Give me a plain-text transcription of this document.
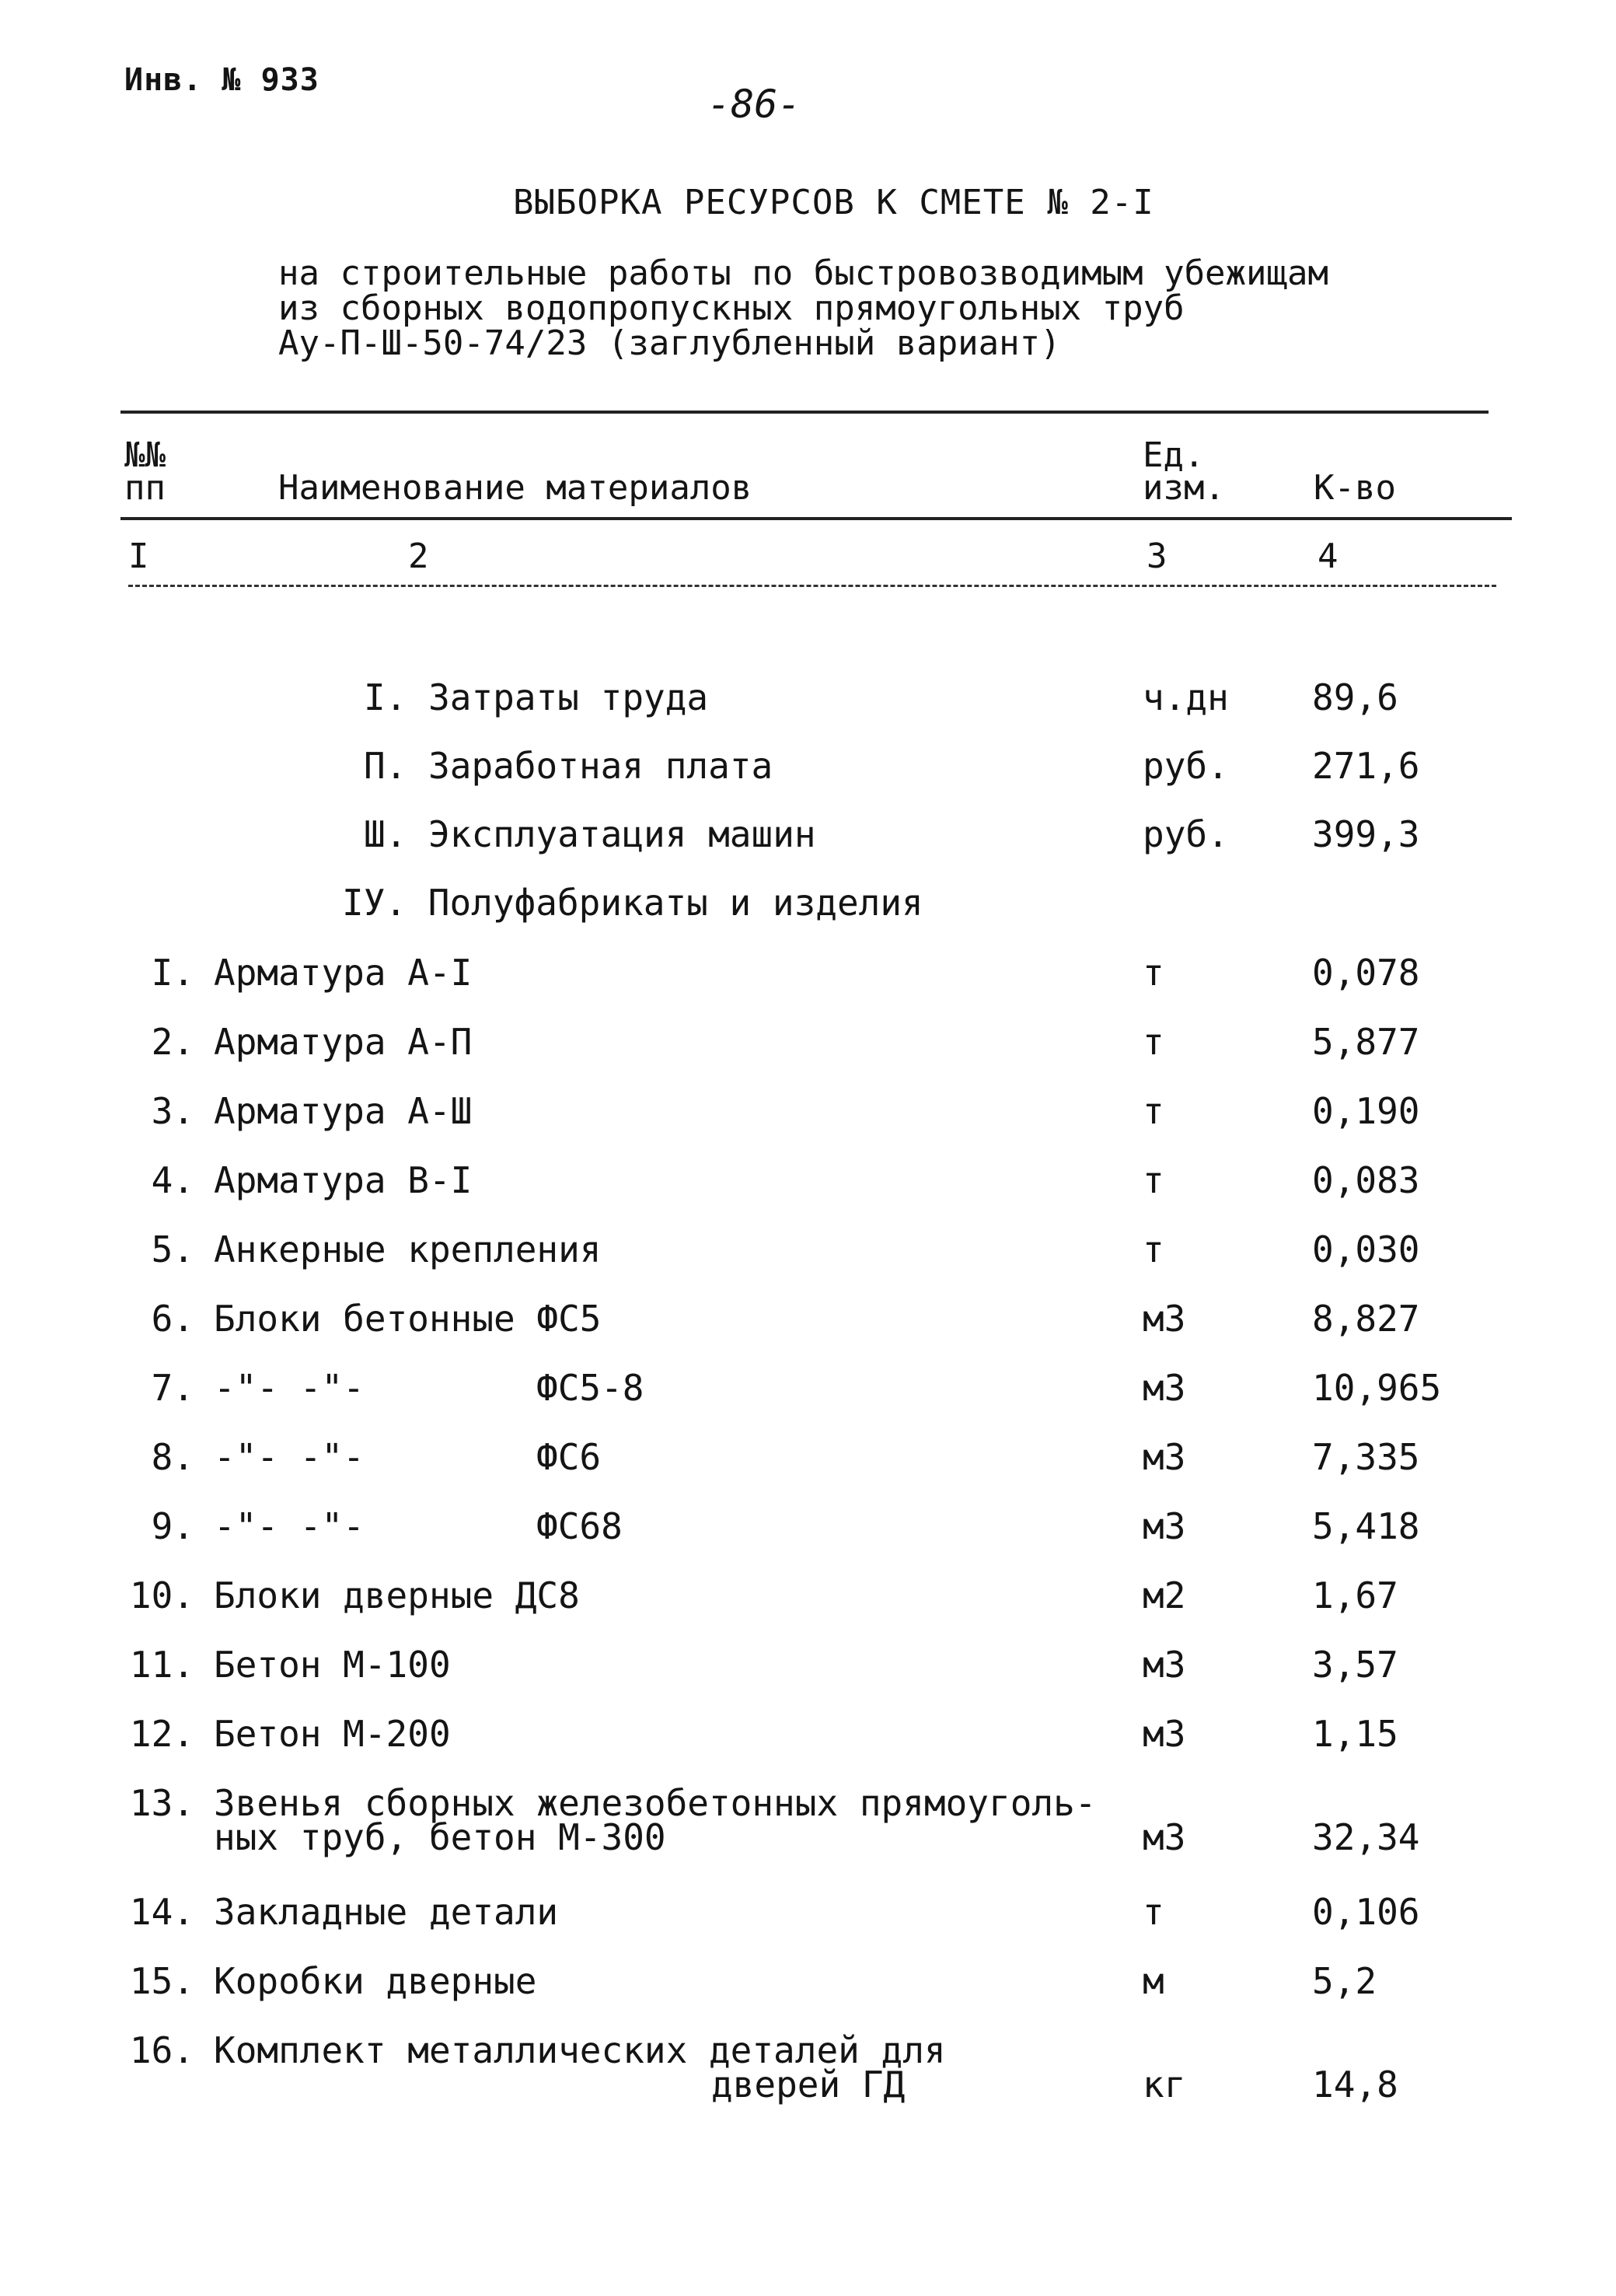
Инв. № 933
-86-
ВЫБОРКА РЕСУРСОВ К СМЕТЕ № 2-I
на строительные работы по быстровозводимым убежищам
из сборных водопропускных прямоугольных труб
Ау-П-Ш-50-74/23 (заглубленный вариант)
№№
пп	Наименование материалов
Ед.
изм.	К-во
I	2	3	4
I. Затраты труда	ч.дн 89,6
П. Заработная плата	руб. 271,6
Ш. Эксплуатация машин	руб. 399,3
IУ. Полуфабрикаты и изделия
I. Арматура А-I	т	0,078
2. Арматура А-П	т	5,877
3. Арматура А-Ш	т	0,190
4. Арматура В-I	т	0,083
5. Анкерные крепления	т	0,030
6. Блоки бетонные ФС5	м3	8,827
7. -"- -"-	ФС5-8	м3	10,965
8. -"- -"-	ФС6	м3	7,335
9. -"- -"-	ФС68	м3	5,418
10. Блоки дверные ДС8	м2	1,67
11. Бетон М-100	м3	3,57
12. Бетон М-200	м3	1,15
13. Звенья сборных железобетонных прямоуголь-
ных труб, бетон М-300	м3	32,34
14. Закладные детали	т	0,106
15. Коробки дверные	м	5,2
16. Комплект металлических деталей для
дверей ГД	кг	14,8
